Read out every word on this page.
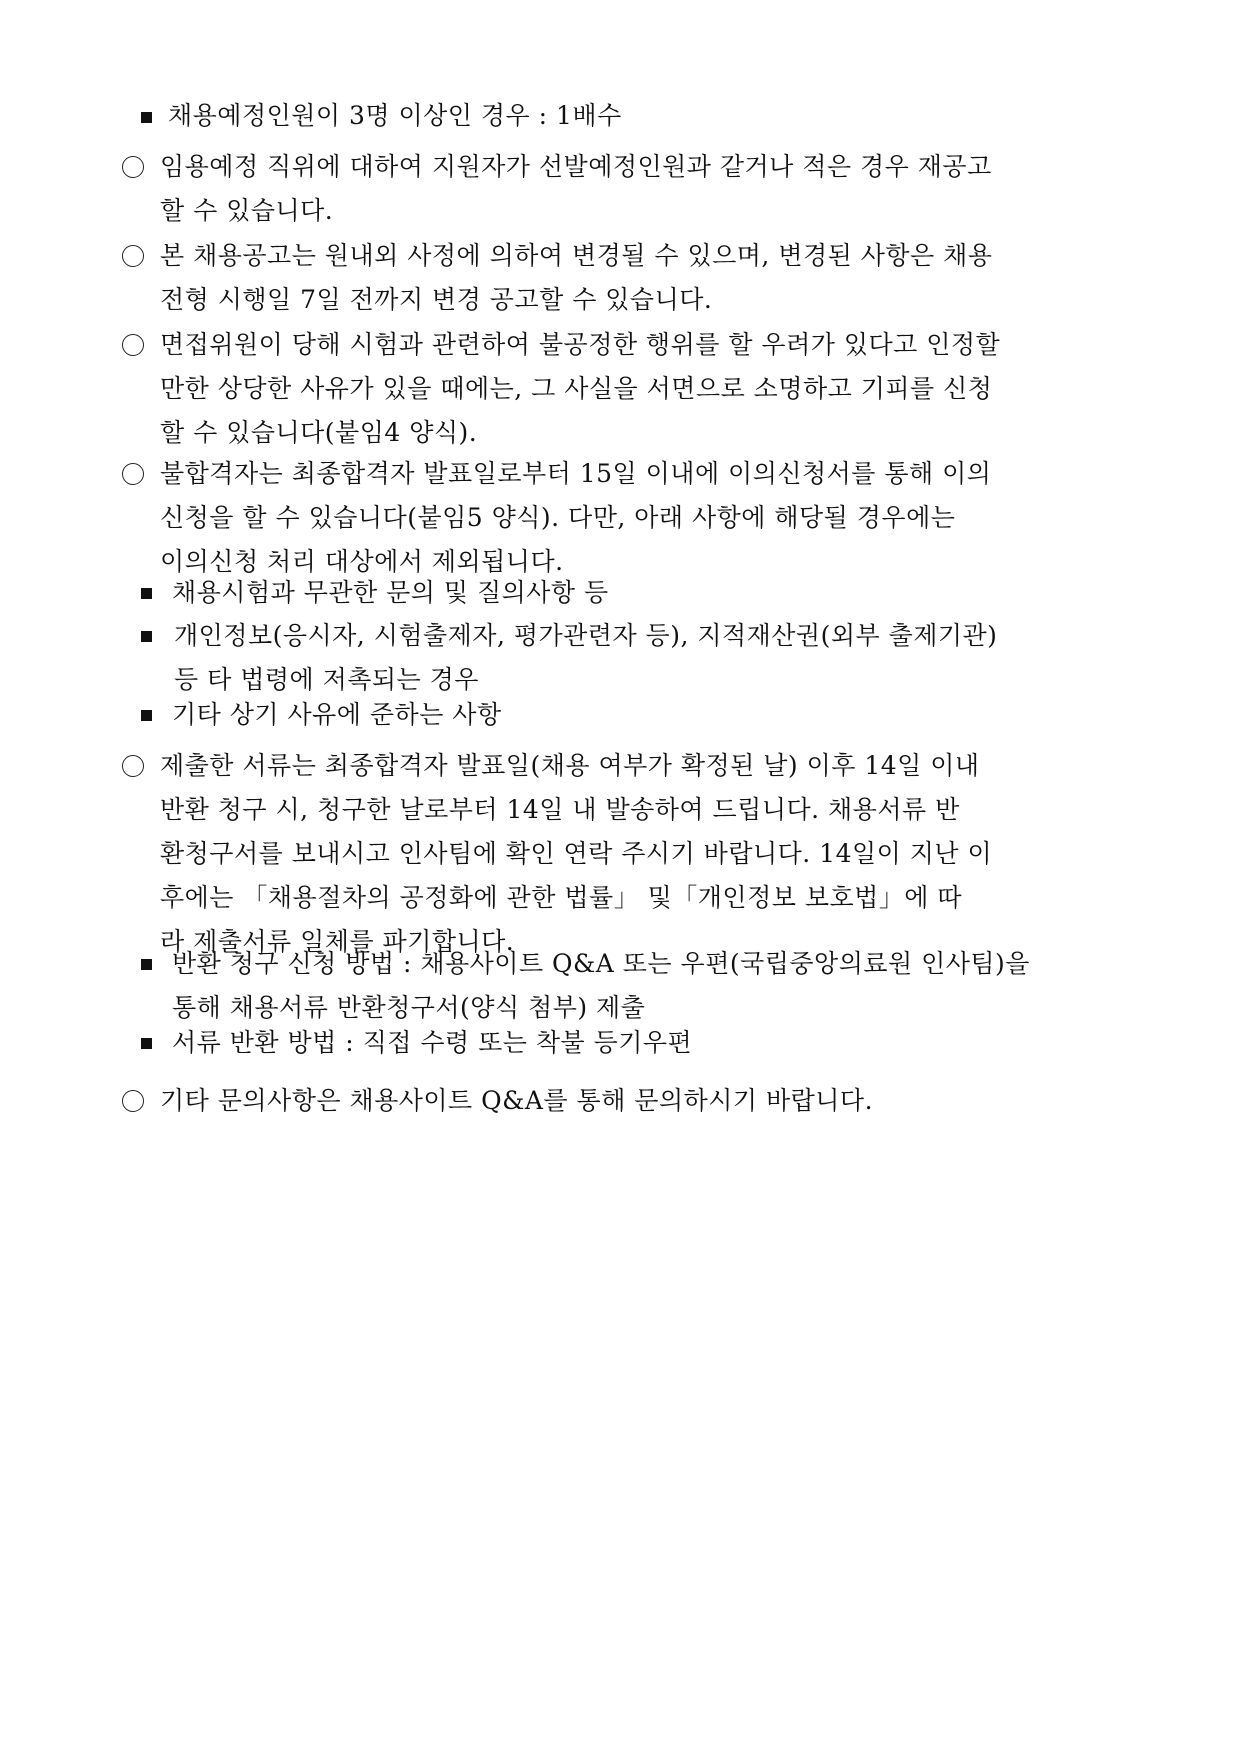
채용예정인원이 3명 이상인 경우 : 1배수
임용예정 직위에 대하여 지원자가 선발예정인원과 같거나 적은 경우 재공고
할 수 있습니다.
본 채용공고는 원내외 사정에 의하여 변경될 수 있으며, 변경된 사항은 채용
전형 시행일 7일 전까지 변경 공고할 수 있습니다.
면접위원이 당해 시험과 관련하여 불공정한 행위를 할 우려가 있다고 인정할
만한 상당한 사유가 있을 때에는, 그 사실을 서면으로 소명하고 기피를 신청
할 수 있습니다(붙임4 양식).
불합격자는 최종합격자 발표일로부터 15일 이내에 이의신청서를 통해 이의
신청을 할 수 있습니다(붙임5 양식). 다만, 아래 사항에 해당될 경우에는
이의신청 처리 대상에서 제외됩니다.
채용시험과 무관한 문의 및 질의사항 등
개인정보(응시자, 시험출제자, 평가관련자 등), 지적재산권(외부 출제기관)
등 타 법령에 저촉되는 경우
기타 상기 사유에 준하는 사항
제출한 서류는 최종합격자 발표일(채용 여부가 확정된 날) 이후 14일 이내
반환 청구 시, 청구한 날로부터 14일 내 발송하여 드립니다. 채용서류 반
환청구서를 보내시고 인사팀에 확인 연락 주시기 바랍니다. 14일이 지난 이
후에는 「채용절차의 공정화에 관한 법률」 및「개인정보 보호법」에 따
라 제출서류 일체를 파기합니다.
반환 청구 신청 방법 : 채용사이트 Q&A 또는 우편(국립중앙의료원 인사팀)을
통해 채용서류 반환청구서(양식 첨부) 제출
서류 반환 방법 : 직접 수령 또는 착불 등기우편
기타 문의사항은 채용사이트 Q&A를 통해 문의하시기 바랍니다.
